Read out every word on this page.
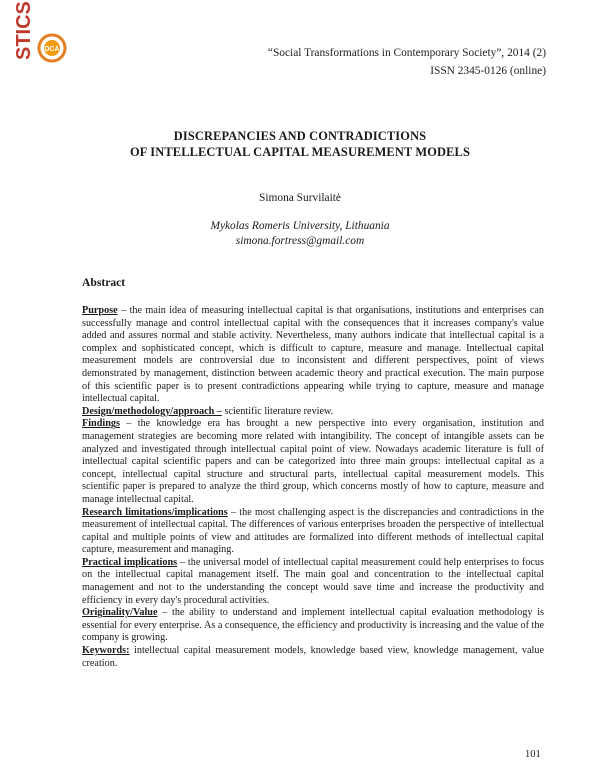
STICS DCA	“Social Transformations in Contemporary Society”, 2014 (2)
ISSN 2345-0126 (online)
DISCREPANCIES AND CONTRADICTIONS
OF INTELLECTUAL CAPITAL MEASUREMENT MODELS
Simona Survilaitė
Mykolas Romeris University, Lithuania
simona.fortress@gmail.com
Abstract

Purpose – the main idea of measuring intellectual capital is that organisations, institutions and enterprises can successfully manage and control intellectual capital with the consequences that it increases company's value added and assures normal and stable activity. Nevertheless, many authors indicate that intellectual capital is a complex and sophisticated concept, which is difficult to capture, measure and manage. Intellectual capital measurement models are controversial due to inconsistent and different perspectives, point of views demonstrated by management, distinction between academic theory and practical execution. The main purpose of this scientific paper is to present contradictions appearing while trying to capture, measure and manage intellectual capital.

Design/methodology/approach – scientific literature review.

Findings – the knowledge era has brought a new perspective into every organisation, institution and management strategies are becoming more related with intangibility. The concept of intangible assets can be analyzed and investigated through intellectual capital point of view. Nowadays academic literature is full of intellectual capital scientific papers and can be categorized into three main groups: intellectual capital as a concept, intellectual capital structure and structural parts, intellectual capital measurement models. This scientific paper is prepared to analyze the third group, which concerns mostly of how to capture, measure and manage intellectual capital.

Research limitations/implications – the most challenging aspect is the discrepancies and contradictions in the measurement of intellectual capital. The differences of various enterprises broaden the perspective of intellectual capital and multiple points of view and attitudes are formalized into different methods of intellectual capital capture, measurement and managing.

Practical implications – the universal model of intellectual capital measurement could help enterprises to focus on the intellectual capital management itself. The main goal and concentration to the intellectual capital management and not to the understanding the concept would save time and increase the productivity and efficiency in every day's procedural activities.

Originality/Value – the ability to understand and implement intellectual capital evaluation methodology is essential for every enterprise. As a consequence, the efficiency and productivity is increasing and the value of the company is growing.

Keywords: intellectual capital measurement models, knowledge based view, knowledge management, value creation.

101
